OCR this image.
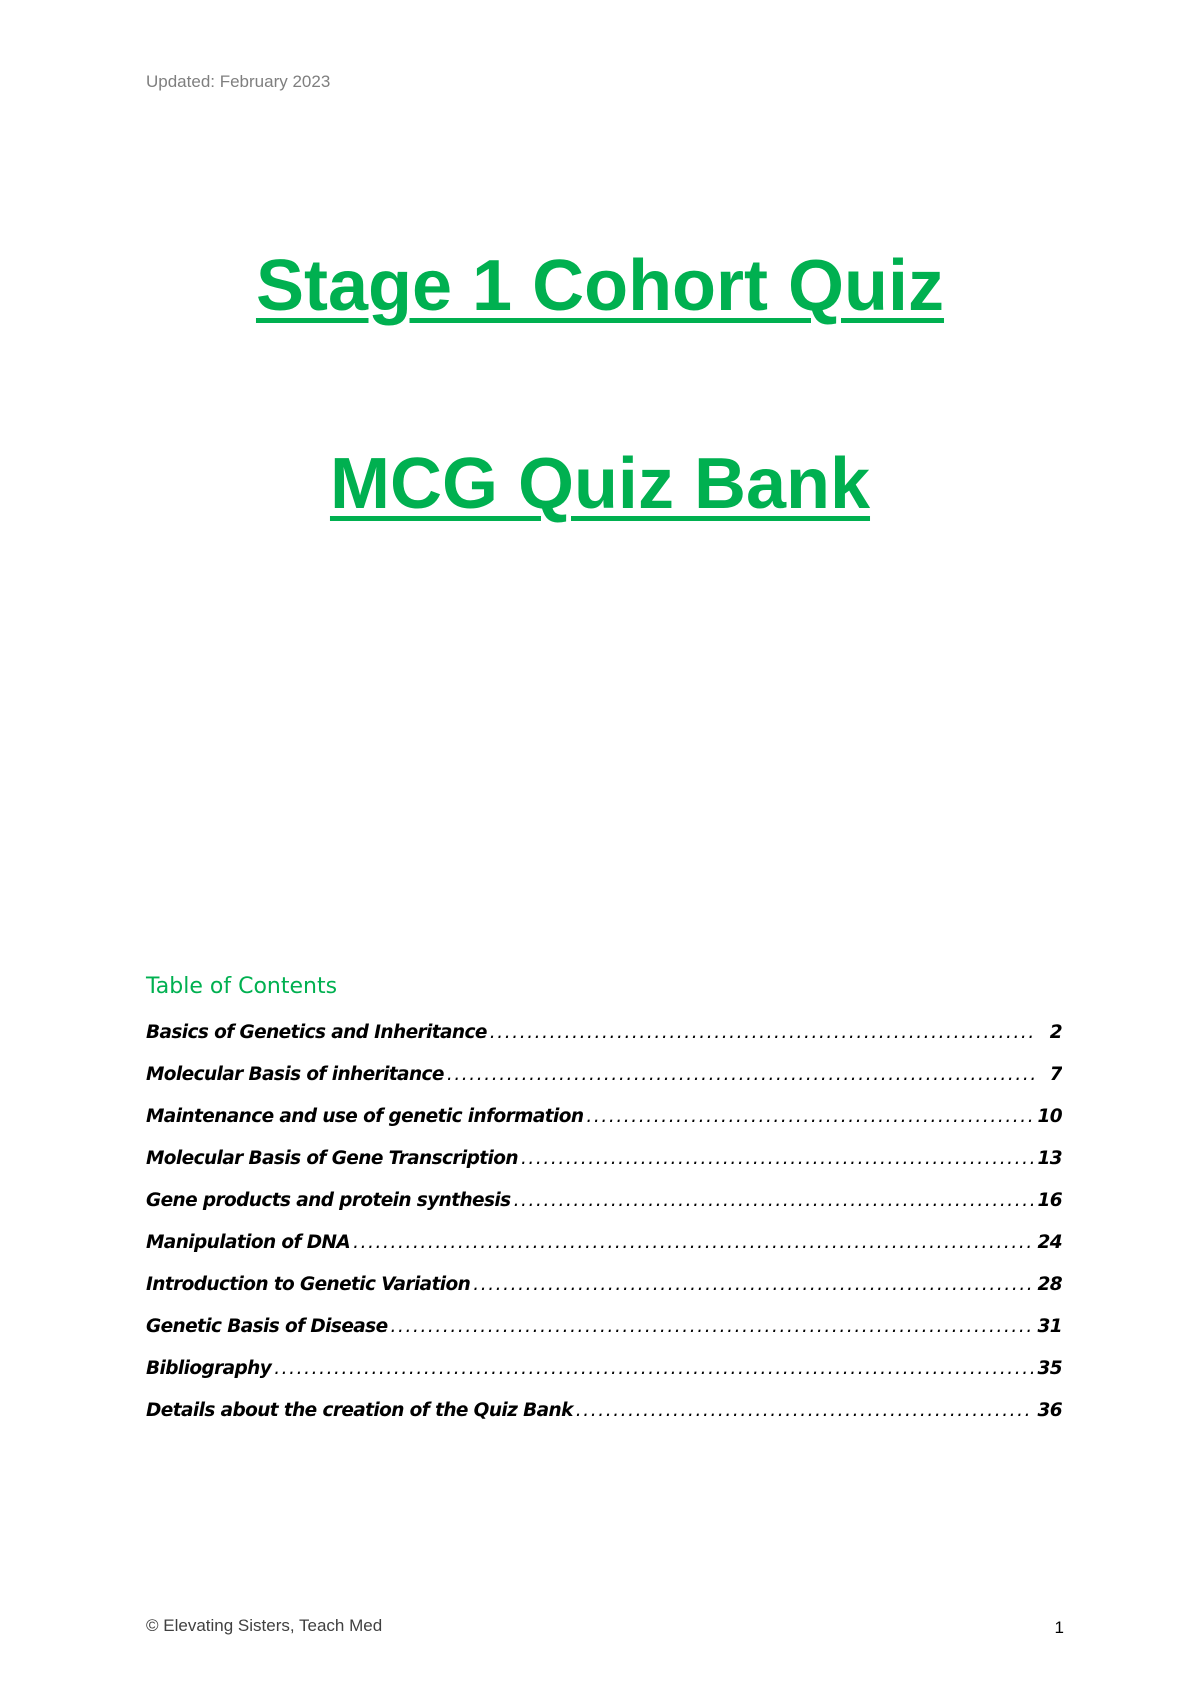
Updated: February 2023
Stage 1 Cohort Quiz
MCG Quiz Bank
Table of Contents
Basics of Genetics and Inheritance .....	2
Molecular Basis of inheritance .....	7
Maintenance and use of genetic information .....	10
Molecular Basis of Gene Transcription .....	13
Gene products and protein synthesis .....	16
Manipulation of DNA .....	24
Introduction to Genetic Variation .....	28
Genetic Basis of Disease .....	31
Bibliography .....	35
Details about the creation of the Quiz Bank .....	36
© Elevating Sisters, Teach Med	1
